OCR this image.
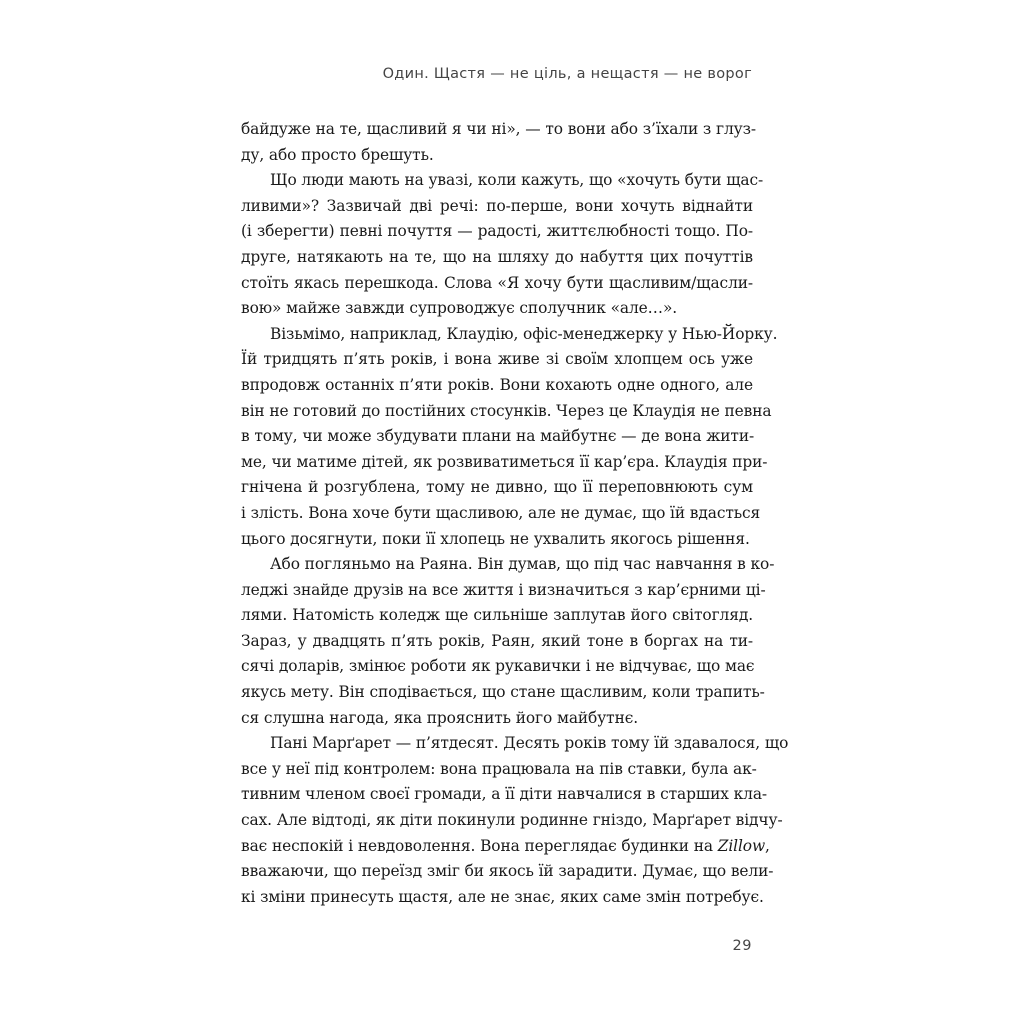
Один. Щастя — не ціль, а нещастя — не ворог
байдуже на те, щасливий я чи ні», — то вони або з’їхали з глуз-
ду, або просто брешуть.
Що люди мають на увазі, коли кажуть, що «хочуть бути щас-
ливими»? Зазвичай дві речі: по-перше, вони хочуть віднайти
(і зберегти) певні почуття — радості, життєлюбності тощо. По-
друге, натякають на те, що на шляху до набуття цих почуттів
стоїть якась перешкода. Слова «Я хочу бути щасливим/щасли-
вою» майже завжди супроводжує сполучник «але…».
Візьмімо, наприклад, Клаудію, офіс-менеджерку у Нью-Йорку.
Їй тридцять п’ять років, і вона живе зі своїм хлопцем ось уже
впродовж останніх п’яти років. Вони кохають одне одного, але
він не готовий до постійних стосунків. Через це Клаудія не певна
в тому, чи може збудувати плани на майбутнє — де вона жити-
ме, чи матиме дітей, як розвиватиметься її кар’єра. Клаудія при-
гнічена й розгублена, тому не дивно, що її переповнюють сум
і злість. Вона хоче бути щасливою, але не думає, що їй вдасться
цього досягнути, поки її хлопець не ухвалить якогось рішення.
Або погляньмо на Раяна. Він думав, що під час навчання в ко-
леджі знайде друзів на все життя і визначиться з кар’єрними ці-
лями. Натомість коледж ще сильніше заплутав його світогляд.
Зараз, у двадцять п’ять років, Раян, який тоне в боргах на ти-
сячі доларів, змінює роботи як рукавички і не відчуває, що має
якусь мету. Він сподівається, що стане щасливим, коли трапить-
ся слушна нагода, яка прояснить його майбутнє.
Пані Марґарет — п’ятдесят. Десять років тому їй здавалося, що
все у неї під контролем: вона працювала на пів ставки, була ак-
тивним членом своєї громади, а її діти навчалися в старших кла-
сах. Але відтоді, як діти покинули родинне гніздо, Марґарет відчу-
ває неспокій і невдоволення. Вона переглядає будинки на Zillow,
вважаючи, що переїзд зміг би якось їй зарадити. Думає, що вели-
кі зміни принесуть щастя, але не знає, яких саме змін потребує.
29
